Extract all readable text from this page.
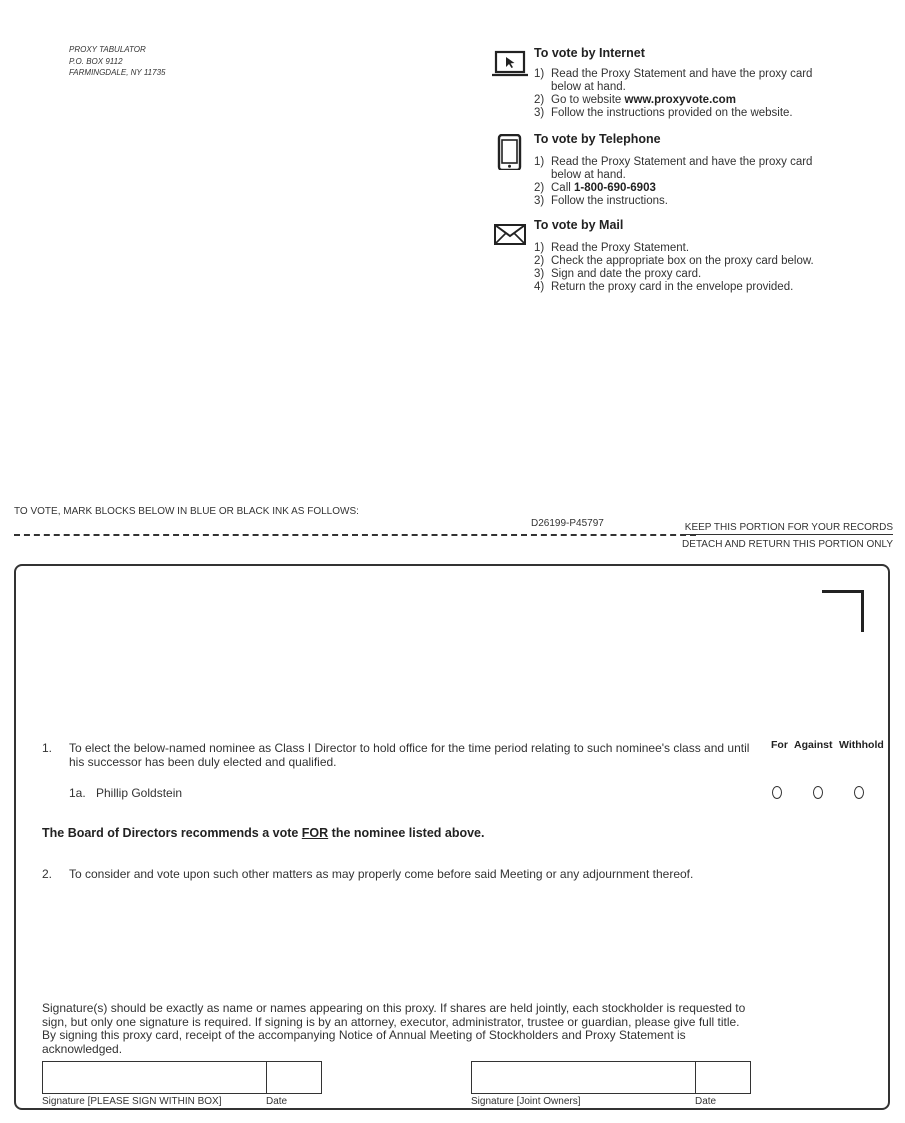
PROXY TABULATOR
P.O. BOX 9112
FARMINGDALE, NY 11735
To vote by Internet
1) Read the Proxy Statement and have the proxy card
below at hand.
2) Go to website www.proxyvote.com
3) Follow the instructions provided on the website.
To vote by Telephone
1) Read the Proxy Statement and have the proxy card
below at hand.
2) Call 1-800-690-6903
3) Follow the instructions.
To vote by Mail
1) Read the Proxy Statement.
2) Check the appropriate box on the proxy card below.
3) Sign and date the proxy card.
4) Return the proxy card in the envelope provided.
TO VOTE, MARK BLOCKS BELOW IN BLUE OR BLACK INK AS FOLLOWS:
D26199-P45797	KEEP THIS PORTION FOR YOUR RECORDS
DETACH AND RETURN THIS PORTION ONLY
1. To elect the below-named nominee as Class I Director to hold office for the time period relating to such nominee's class and until his successor has been duly elected and qualified.
For Against Withhold
1a. Phillip Goldstein
The Board of Directors recommends a vote FOR the nominee listed above.
2. To consider and vote upon such other matters as may properly come before said Meeting or any adjournment thereof.
Signature(s) should be exactly as name or names appearing on this proxy. If shares are held jointly, each stockholder is requested to sign, but only one signature is required. If signing is by an attorney, executor, administrator, trustee or guardian, please give full title. By signing this proxy card, receipt of the accompanying Notice of Annual Meeting of Stockholders and Proxy Statement is acknowledged.
Signature [PLEASE SIGN WITHIN BOX]	Date	Signature [Joint Owners]	Date
